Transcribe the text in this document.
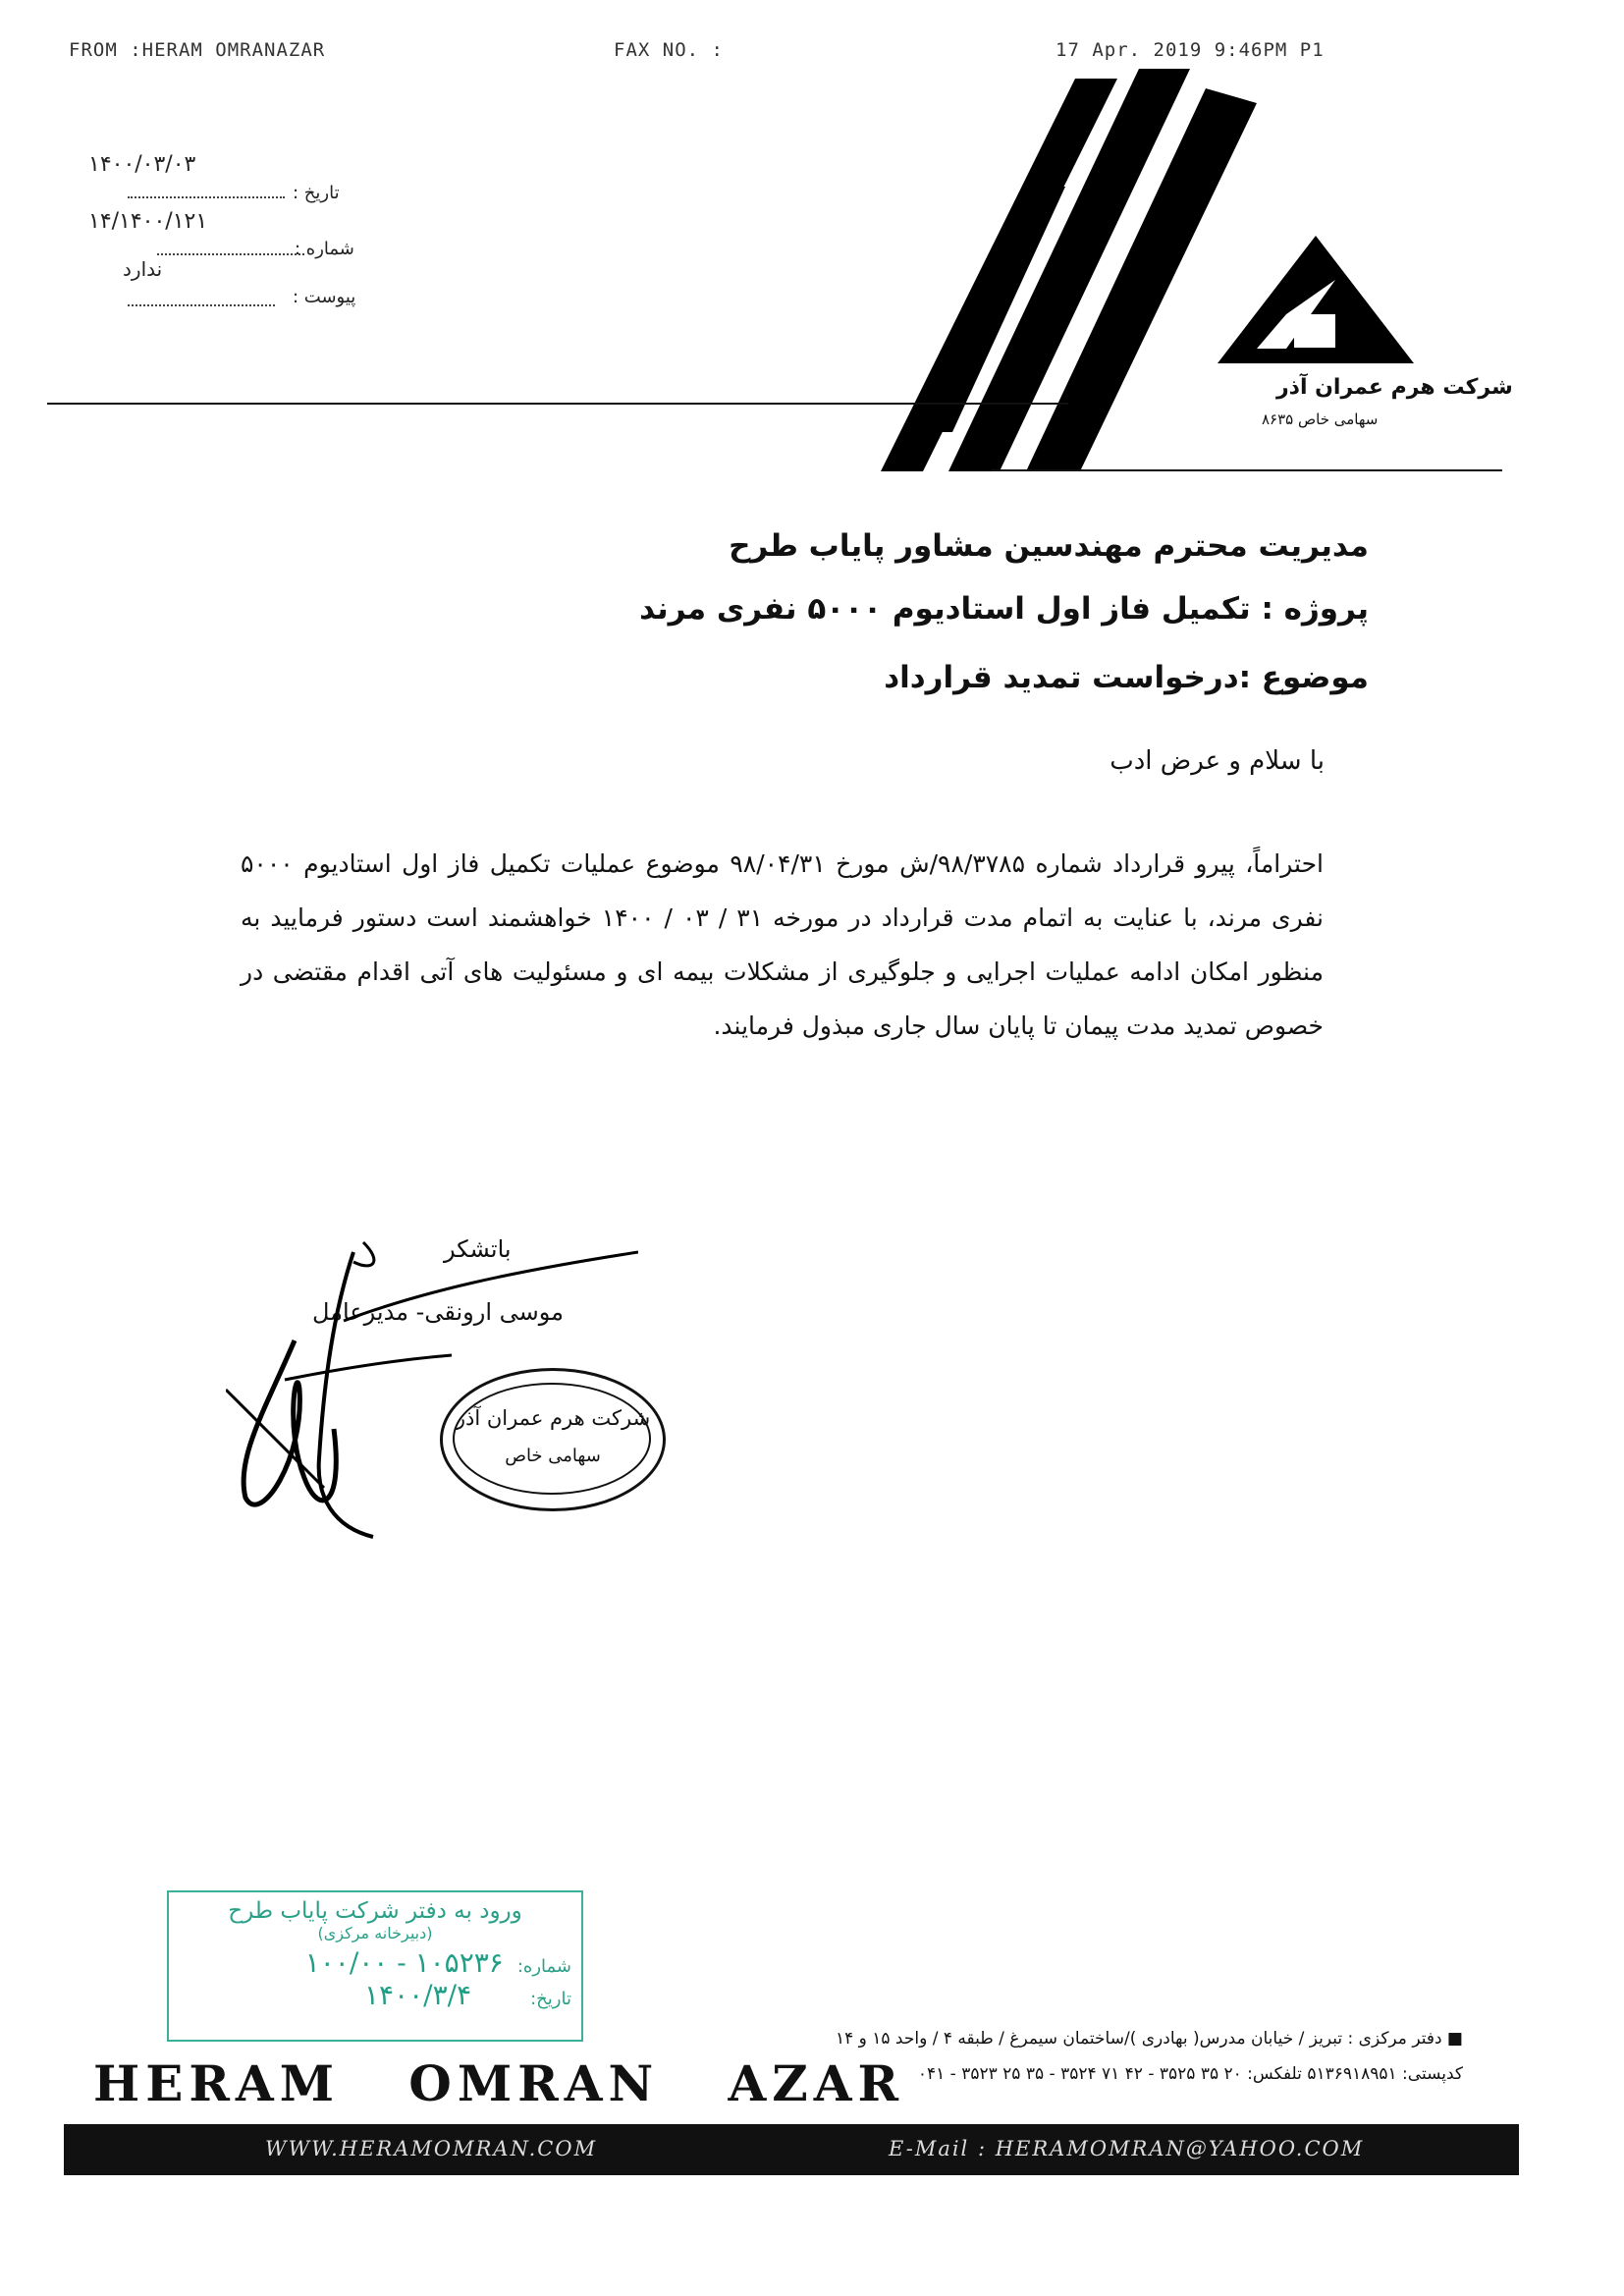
FROM :HERAM OMRANAZAR	FAX NO. :	17 Apr. 2019 9:46PM P1
۱۴۰۰/۰۳/۰۳
تاریخ :
۱۴/۱۴۰۰/۱۲۱
شماره :
ندارد
پیوست :
شرکت هرم عمران آذر
سهامی خاص ۸۶۳۵
مدیریت محترم مهندسین مشاور پایاب طرح
پروژه : تکمیل فاز اول استادیوم ۵۰۰۰ نفری مرند
موضوع :درخواست تمدید قرارداد
با سلام و عرض ادب

احتراماً، پیرو قرارداد شماره ۹۸/۳۷۸۵/ش مورخ ۹۸/۰۴/۳۱ موضوع عملیات تکمیل فاز اول استادیوم ۵۰۰۰ نفری مرند، با عنایت به اتمام مدت قرارداد در مورخه ۳۱ / ۰۳ / ۱۴۰۰ خواهشمند است دستور فرمایید به منظور امکان ادامه عملیات اجرایی و جلوگیری از مشکلات بیمه ای و مسئولیت های آتی اقدام مقتضی در خصوص تمدید مدت پیمان تا پایان سال جاری مبذول فرمایند.

باتشکر
موسی ارونقی- مدیرعامل
شرکت هرم عمران آذر
سهامی خاص
ورود به دفتر شرکت پایاب طرح
(دبیرخانه مرکزی)
شماره:
۱۰۰/۰۰ - ۱۰۵۲۳۶
تاریخ:
۱۴۰۰/۳/۴
■ دفتر مرکزی : تبریز / خیابان مدرس( بهادری )/ساختمان سیمرغ / طبقه ۴ / واحد ۱۵ و ۱۴
کدپستی: ۵۱۳۶۹۱۸۹۵۱ تلفکس: ۲۰ ۳۵ ۳۵۲۵ - ۴۲ ۷۱ ۳۵۲۴ - ۳۵ ۲۵ ۳۵۲۳ - ۰۴۱
HERAM   OMRAN   AZAR
WWW.HERAMOMRAN.COM	E-Mail : HERAMOMRAN@YAHOO.COM
